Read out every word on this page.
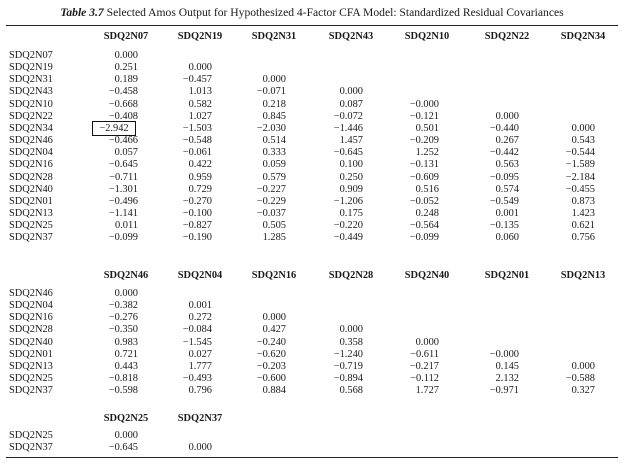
Table 3.7 Selected Amos Output for Hypothesized 4-Factor CFA Model: Standardized Residual Covariances
SDQ2N07	SDQ2N19	SDQ2N31	SDQ2N43	SDQ2N10	SDQ2N22	SDQ2N34
SDQ2N07	0.000
SDQ2N19	0.251	0.000
SDQ2N31	0.189	−0.457	0.000
SDQ2N43	−0.458	1.013	−0.071	0.000
SDQ2N10	−0.668	0.582	0.218	0.087	−0.000
SDQ2N22	−0.408	1.027	0.845	−0.072	−0.121	0.000
SDQ2N34	−2.942	−1.503	−2.030	−1.446	0.501	−0.440	0.000
SDQ2N46	−0.466	−0.548	0.514	1.457	−0.209	0.267	0.543
SDQ2N04	0.057	−0.061	0.333	−0.645	1.252	−0.442	−0.544
SDQ2N16	−0.645	0.422	0.059	0.100	−0.131	0.563	−1.589
SDQ2N28	−0.711	0.959	0.579	0.250	−0.609	−0.095	−2.184
SDQ2N40	−1.301	0.729	−0.227	0.909	0.516	0.574	−0.455
SDQ2N01	−0.496	−0.270	−0.229	−1.206	−0.052	−0.549	0.873
SDQ2N13	−1.141	−0.100	−0.037	0.175	0.248	0.001	1.423
SDQ2N25	0.011	−0.827	0.505	−0.220	−0.564	−0.135	0.621
SDQ2N37	−0.099	−0.190	1.285	−0.449	−0.099	0.060	0.756
SDQ2N46	SDQ2N04	SDQ2N16	SDQ2N28	SDQ2N40	SDQ2N01	SDQ2N13
SDQ2N46	0.000
SDQ2N04	−0.382	0.001
SDQ2N16	−0.276	0.272	0.000
SDQ2N28	−0.350	−0.084	0.427	0.000
SDQ2N40	0.983	−1.545	−0.240	0.358	0.000
SDQ2N01	0.721	0.027	−0.620	−1.240	−0.611	−0.000
SDQ2N13	0.443	1.777	−0.203	−0.719	−0.217	0.145	0.000
SDQ2N25	−0.818	−0.493	−0.600	−0.894	−0.112	2.132	−0.588
SDQ2N37	−0.598	0.796	0.884	0.568	1.727	−0.971	0.327
SDQ2N25	SDQ2N37
SDQ2N25	0.000
SDQ2N37	−0.645	0.000
